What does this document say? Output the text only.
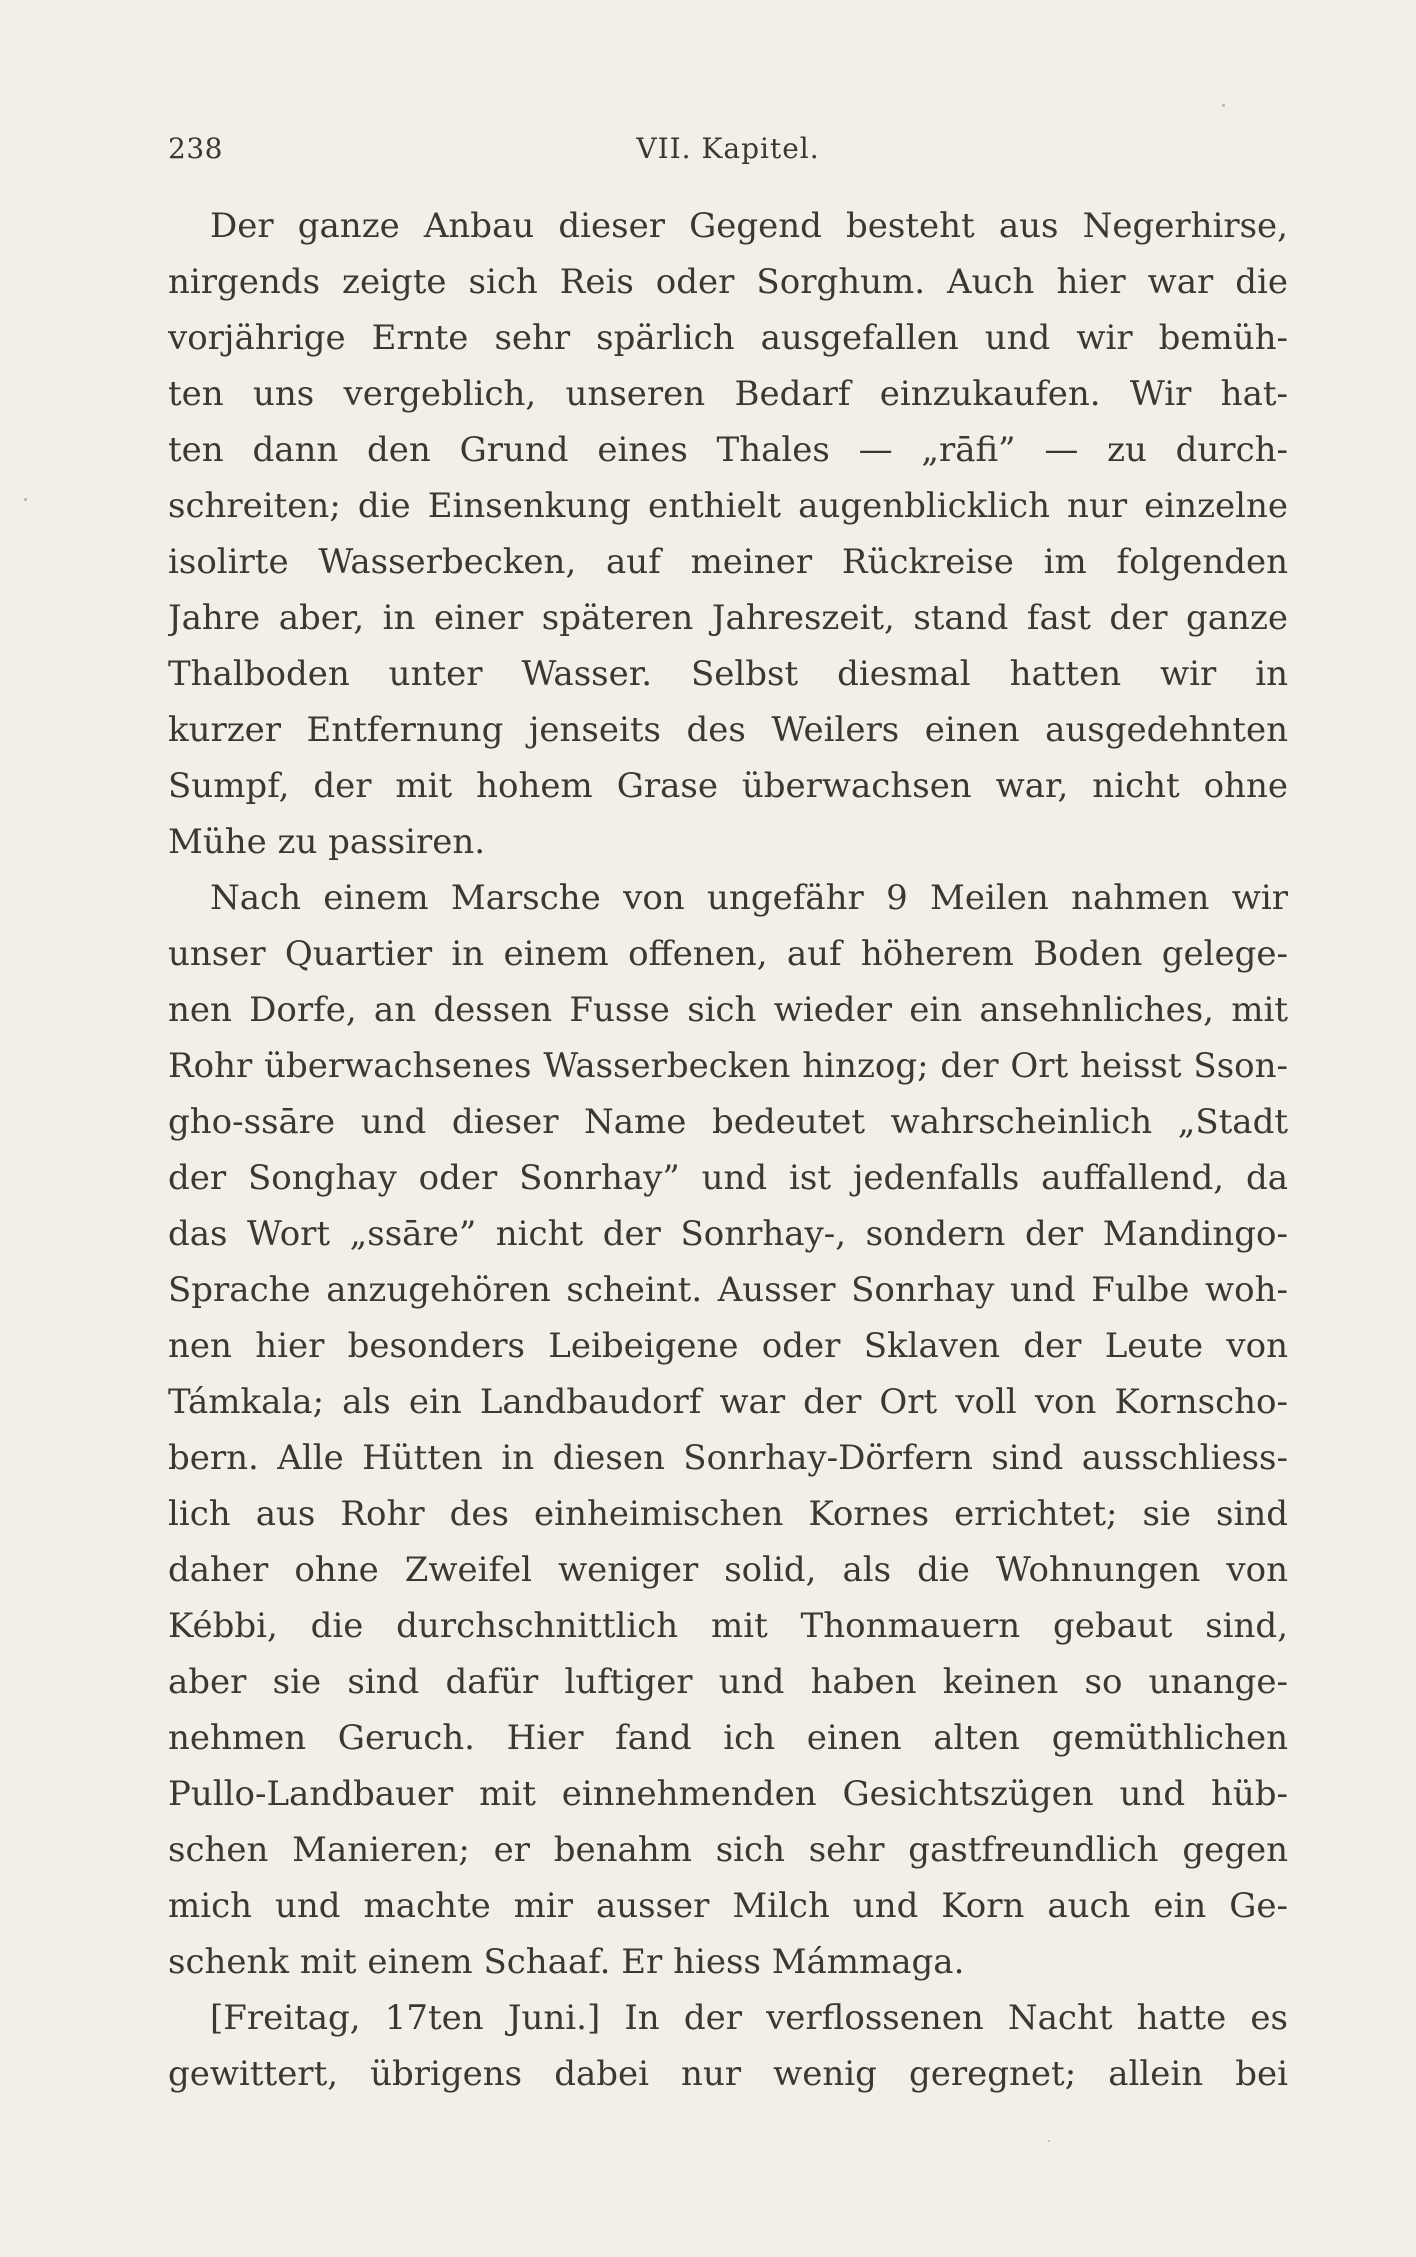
238	VII. Kapitel.
Der ganze Anbau dieser Gegend besteht aus Negerhirse,
nirgends zeigte sich Reis oder Sorghum. Auch hier war die
vorjährige Ernte sehr spärlich ausgefallen und wir bemüh-
ten uns vergeblich, unseren Bedarf einzukaufen. Wir hat-
ten dann den Grund eines Thales — „rāfi” — zu durch-
schreiten; die Einsenkung enthielt augenblicklich nur einzelne
isolirte Wasserbecken, auf meiner Rückreise im folgenden
Jahre aber, in einer späteren Jahreszeit, stand fast der ganze
Thalboden unter Wasser. Selbst diesmal hatten wir in
kurzer Entfernung jenseits des Weilers einen ausgedehnten
Sumpf, der mit hohem Grase überwachsen war, nicht ohne
Mühe zu passiren.
Nach einem Marsche von ungefähr 9 Meilen nahmen wir
unser Quartier in einem offenen, auf höherem Boden gelege-
nen Dorfe, an dessen Fusse sich wieder ein ansehnliches, mit
Rohr überwachsenes Wasserbecken hinzog; der Ort heisst Sson-
gho-ssāre und dieser Name bedeutet wahrscheinlich „Stadt
der Songhay oder Sonrhay” und ist jedenfalls auffallend, da
das Wort „ssāre” nicht der Sonrhay-, sondern der Mandingo-
Sprache anzugehören scheint. Ausser Sonrhay und Fulbe woh-
nen hier besonders Leibeigene oder Sklaven der Leute von
Támkala; als ein Landbaudorf war der Ort voll von Kornscho-
bern. Alle Hütten in diesen Sonrhay-Dörfern sind ausschliess-
lich aus Rohr des einheimischen Kornes errichtet; sie sind
daher ohne Zweifel weniger solid, als die Wohnungen von
Kébbi, die durchschnittlich mit Thonmauern gebaut sind,
aber sie sind dafür luftiger und haben keinen so unange-
nehmen Geruch. Hier fand ich einen alten gemüthlichen
Pullo-Landbauer mit einnehmenden Gesichtszügen und hüb-
schen Manieren; er benahm sich sehr gastfreundlich gegen
mich und machte mir ausser Milch und Korn auch ein Ge-
schenk mit einem Schaaf. Er hiess Mámmaga.
[Freitag, 17ten Juni.] In der verflossenen Nacht hatte es
gewittert, übrigens dabei nur wenig geregnet; allein bei
